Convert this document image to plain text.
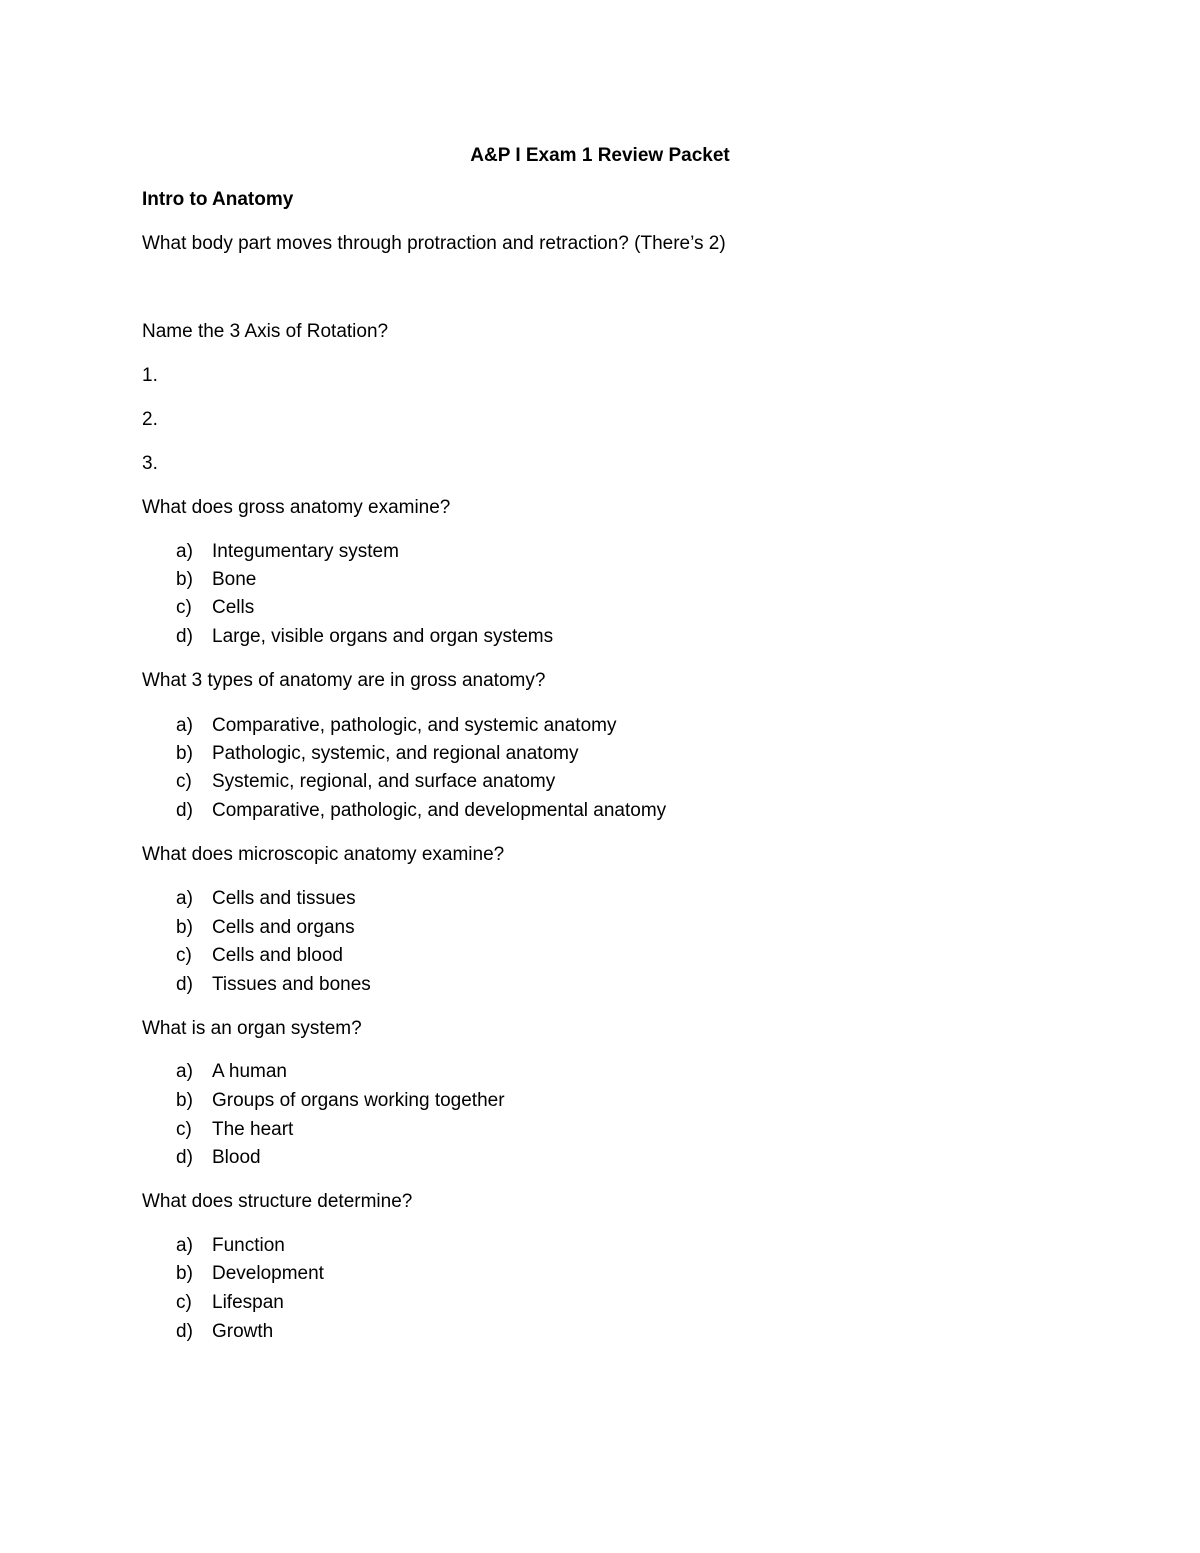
A&P I Exam 1 Review Packet
Intro to Anatomy
What body part moves through protraction and retraction? (There’s 2)
Name the 3 Axis of Rotation?
1.
2.
3.
What does gross anatomy examine?
a) Integumentary system
b) Bone
c) Cells
d) Large, visible organs and organ systems
What 3 types of anatomy are in gross anatomy?
a) Comparative, pathologic, and systemic anatomy
b) Pathologic, systemic, and regional anatomy
c) Systemic, regional, and surface anatomy
d) Comparative, pathologic, and developmental anatomy
What does microscopic anatomy examine?
a) Cells and tissues
b) Cells and organs
c) Cells and blood
d) Tissues and bones
What is an organ system?
a) A human
b) Groups of organs working together
c) The heart
d) Blood
What does structure determine?
a) Function
b) Development
c) Lifespan
d) Growth
